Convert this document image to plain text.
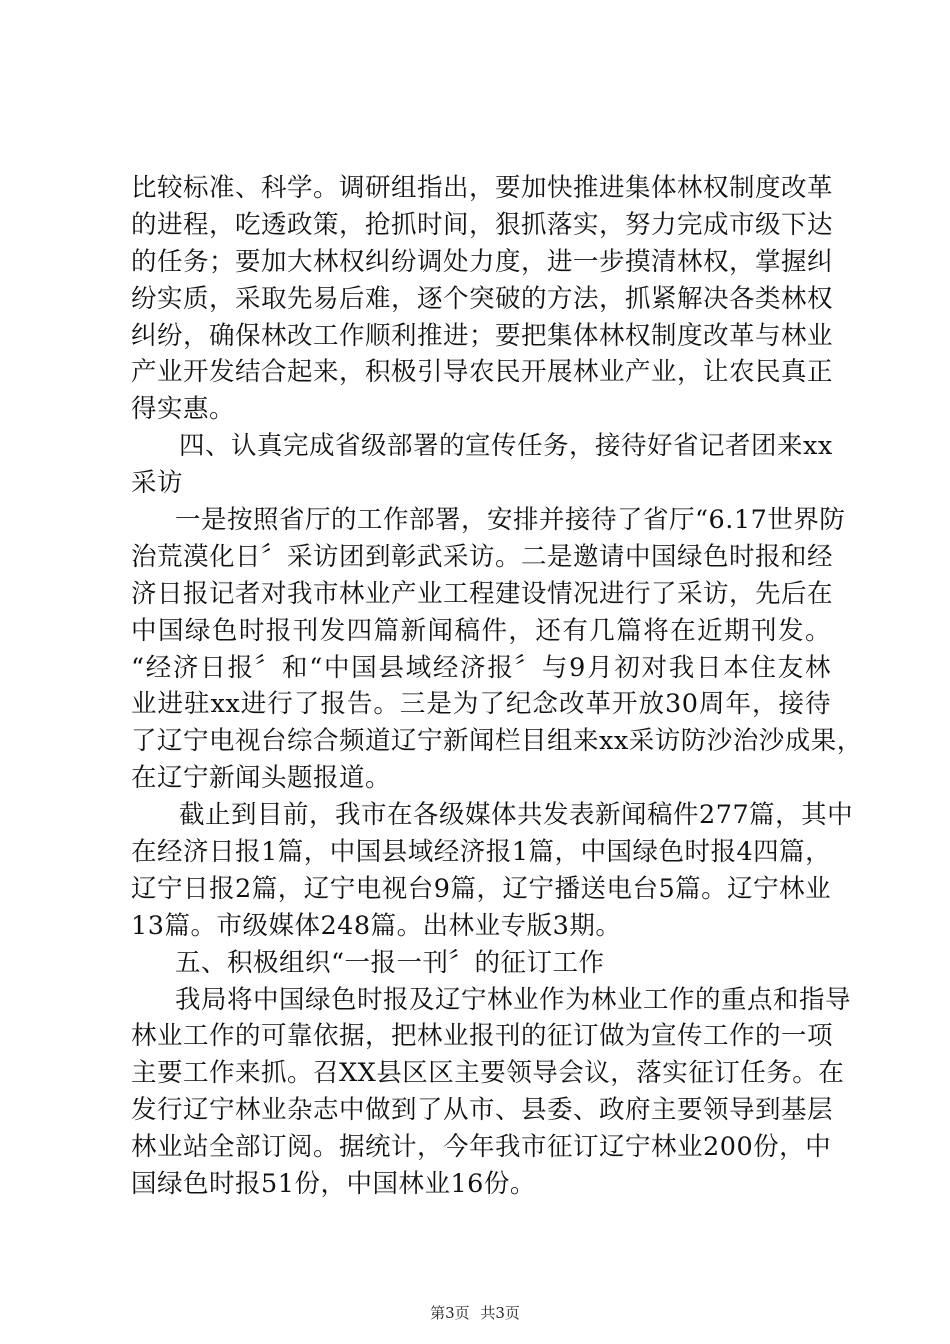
比较标准、科学。调研组指出，要加快推进集体林权制度改革
的进程，吃透政策，抢抓时间，狠抓落实，努力完成市级下达
的任务；要加大林权纠纷调处力度，进一步摸清林权，掌握纠
纷实质，采取先易后难，逐个突破的方法，抓紧解决各类林权
纠纷，确保林改工作顺利推进；要把集体林权制度改革与林业
产业开发结合起来，积极引导农民开展林业产业，让农民真正
得实惠。
四、认真完成省级部署的宣传任务，接待好省记者团来xx
采访
一是按照省厅的工作部署，安排并接待了省厅“6.17世界防
治荒漠化日〞采访团到彰武采访。二是邀请中国绿色时报和经
济日报记者对我市林业产业工程建设情况进行了采访，先后在
中国绿色时报刊发四篇新闻稿件，还有几篇将在近期刊发。
“经济日报〞和“中国县域经济报〞与9月初对我日本住友林
业进驻xx进行了报告。三是为了纪念改革开放30周年，接待
了辽宁电视台综合频道辽宁新闻栏目组来xx采访防沙治沙成果，
在辽宁新闻头题报道。
截止到目前，我市在各级媒体共发表新闻稿件277篇，其中
在经济日报1篇，中国县域经济报1篇，中国绿色时报4四篇，
辽宁日报2篇，辽宁电视台9篇，辽宁播送电台5篇。辽宁林业
13篇。市级媒体248篇。出林业专版3期。
五、积极组织“一报一刊〞的征订工作
我局将中国绿色时报及辽宁林业作为林业工作的重点和指导
林业工作的可靠依据，把林业报刊的征订做为宣传工作的一项
主要工作来抓。召XX县区区主要领导会议，落实征订任务。在
发行辽宁林业杂志中做到了从市、县委、政府主要领导到基层
林业站全部订阅。据统计，今年我市征订辽宁林业200份，中
国绿色时报51份，中国林业16份。
第3页 共3页
